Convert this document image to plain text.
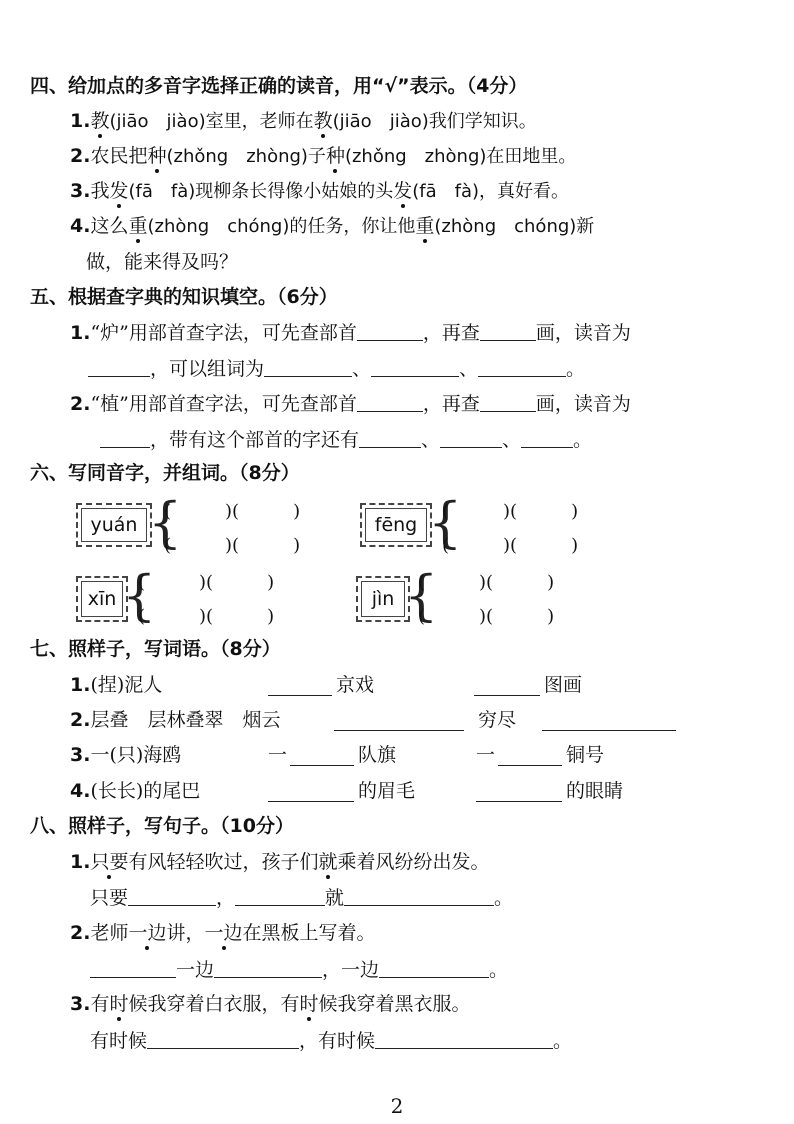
四、给加点的多音字选择正确的读音，用“√”表示。（4分）
1.教(jiāo　jiào)室里，老师在教(jiāo　jiào)我们学知识。
2.农民把种(zhǒng　zhòng)子种(zhǒng　zhòng)在田地里。
3.我发(fā　fà)现柳条长得像小姑娘的头发(fā　fà)，真好看。
4.这么重(zhòng　chóng)的任务，你让他重(zhòng　chóng)新
做，能来得及吗？
五、根据查字典的知识填空。（6分）
1.“炉”用部首查字法，可先查部首	，再查	画，读音为
，可以组词为	、	、	。
2.“植”用部首查字法，可先查部首	，再查	画，读音为
，带有这个部首的字还有	、	、	。
六、写同音字，并组词。（8分）
yuán {
(　　　)(　　　)
(　　　)(　　　)
fēng {
(　　　)(　　　)
(　　　)(　　　)
xīn {
(　　　)(　　　)
(　　　)(　　　)
jìn {
(　　　)(　　　)
(　　　)(　　　)
七、照样子，写词语。（8分）
1.(捏)泥人	京戏	图画
2.层叠　层林叠翠　烟云	穷尽
3.一(只)海鸥	一	队旗	一	铜号
4.(长长)的尾巴	的眉毛	的眼睛
八、照样子，写句子。（10分）
1.只要有风轻轻吹过，孩子们就乘着风纷纷出发。
只要	，	就	。
2.老师一边讲，一边在黑板上写着。
一边	，一边	。
3.有时候我穿着白衣服，有时候我穿着黑衣服。
有时候	，有时候	。
2
